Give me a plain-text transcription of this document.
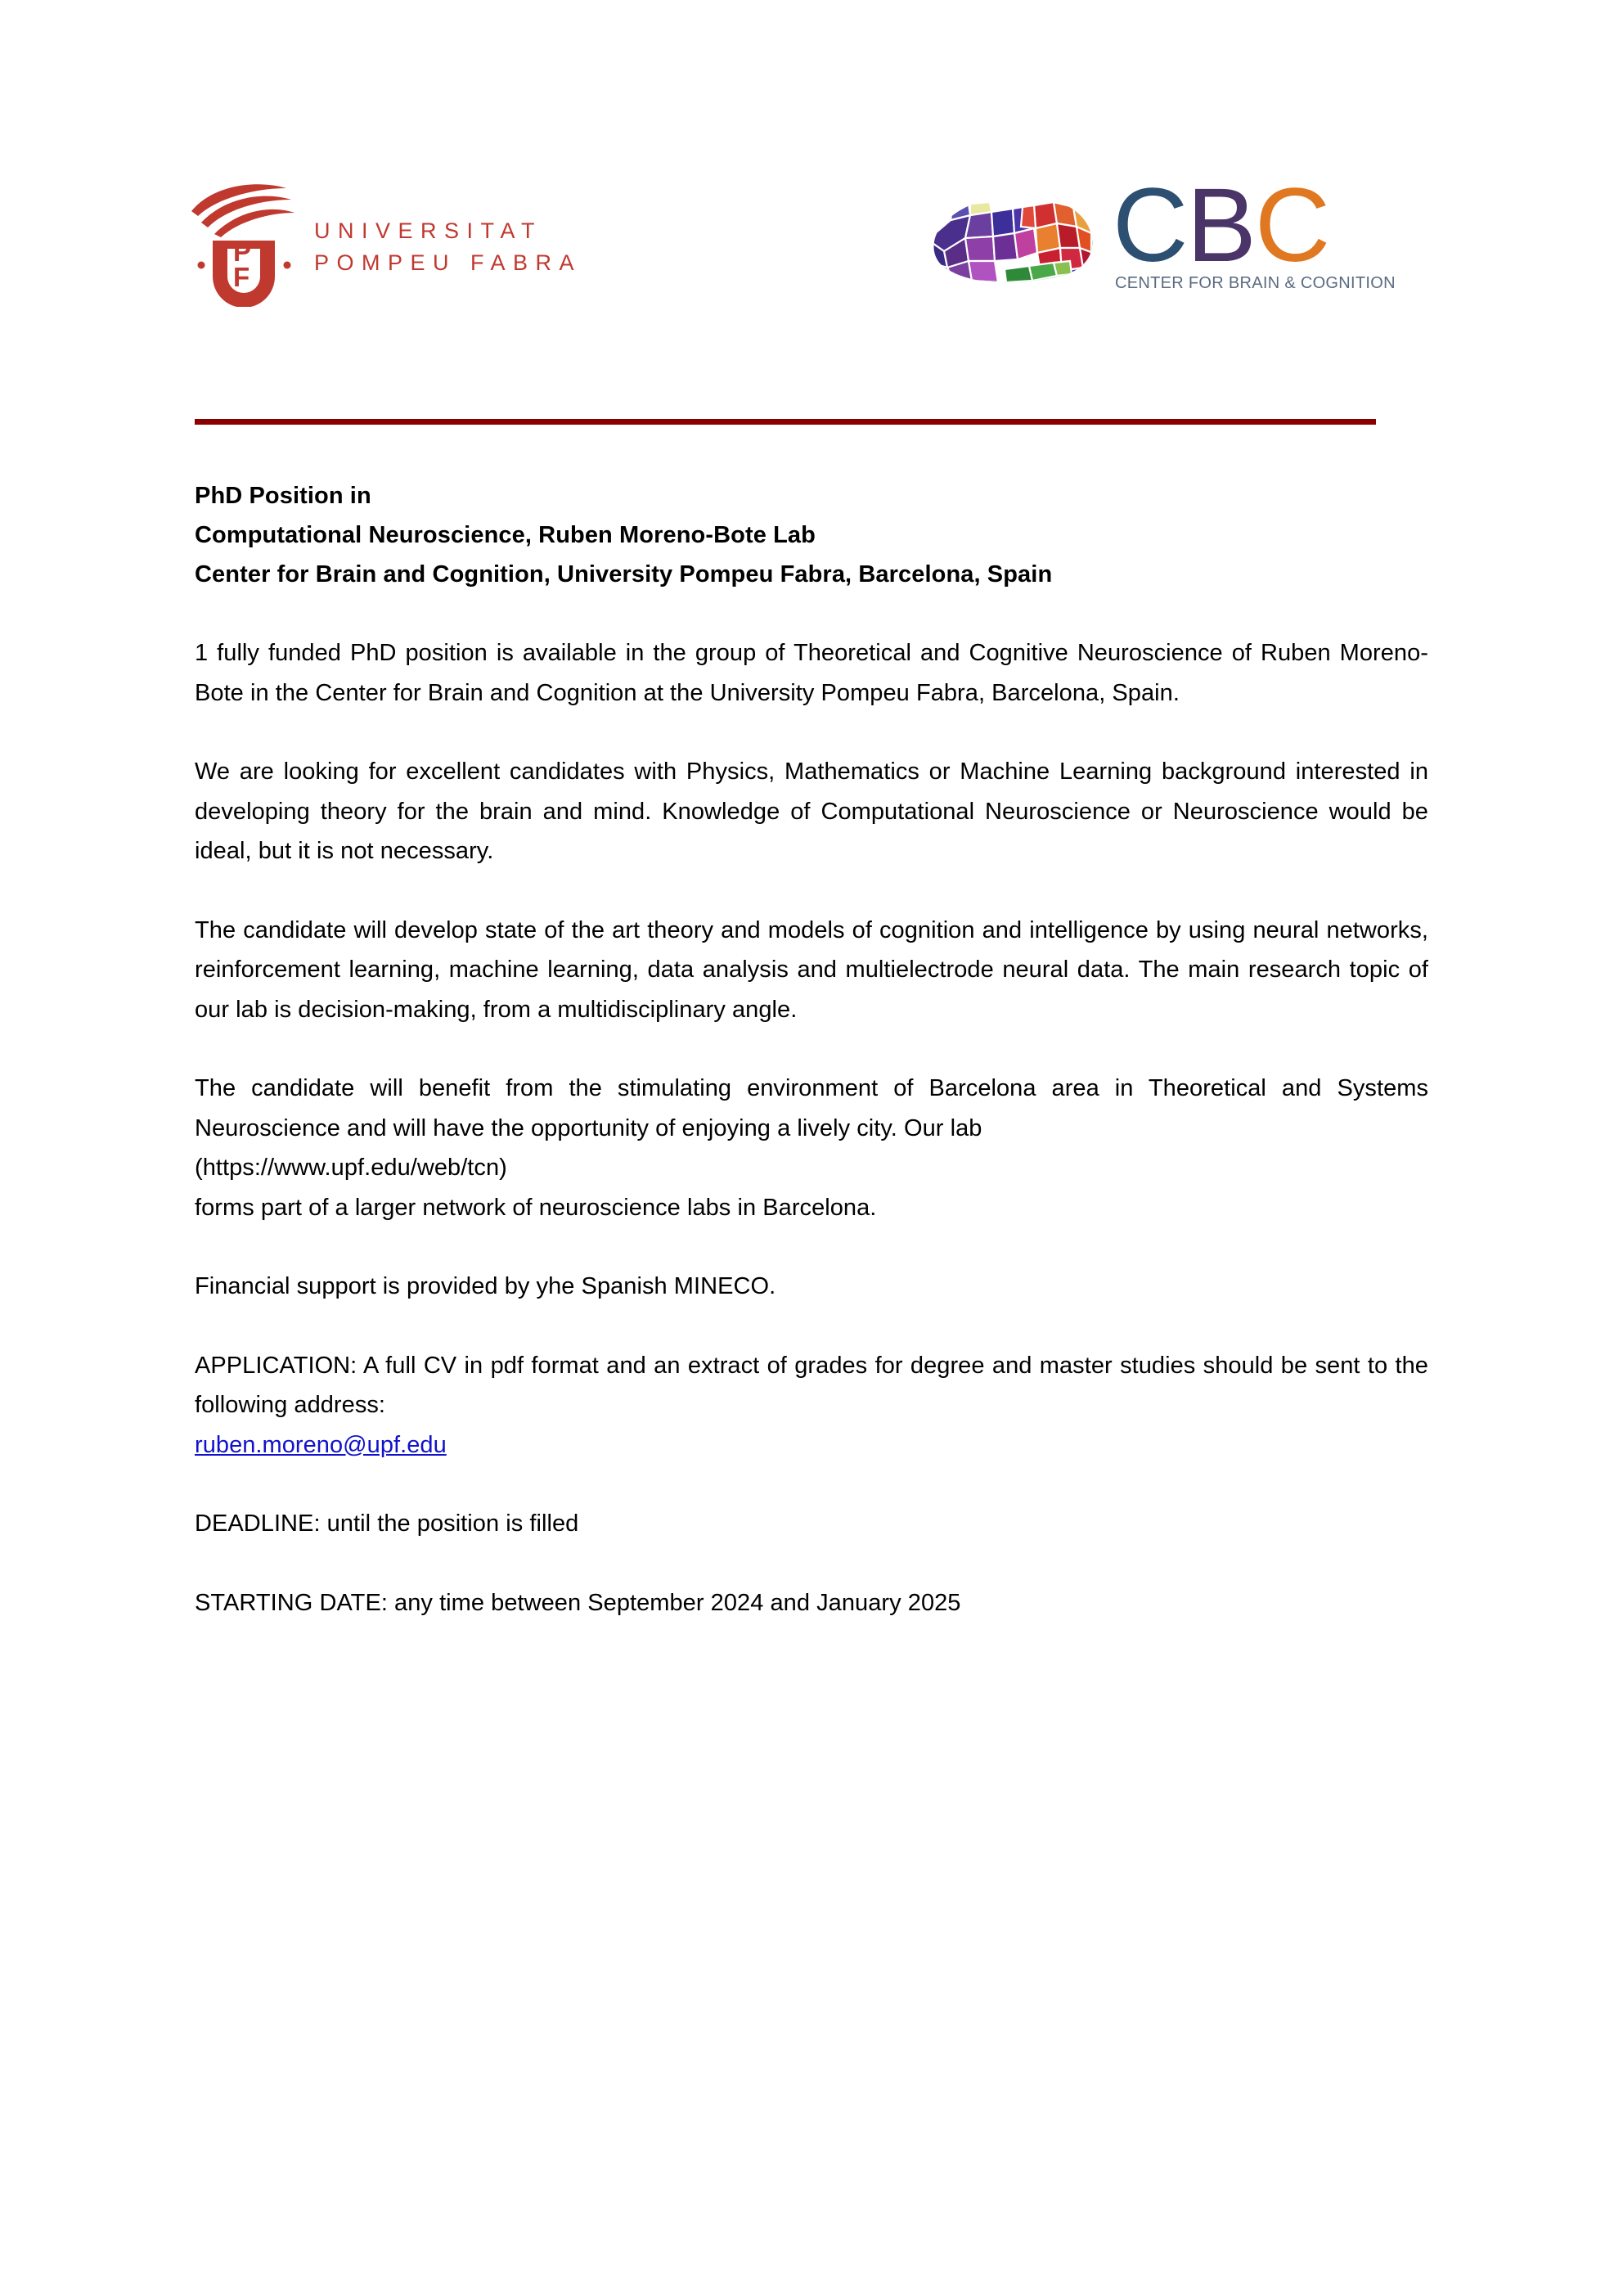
P
F
UNIVERSITAT
POMPEU FABRA	CBC
CENTER FOR BRAIN & COGNITION
PhD Position in
Computational Neuroscience, Ruben Moreno-Bote Lab
Center for Brain and Cognition, University Pompeu Fabra, Barcelona, Spain

1 fully funded PhD position is available in the group of Theoretical and Cognitive Neuroscience of Ruben Moreno-Bote in the Center for Brain and Cognition at the University Pompeu Fabra, Barcelona, Spain.

We are looking for excellent candidates with Physics, Mathematics or Machine Learning background interested in developing theory for the brain and mind. Knowledge of Computational Neuroscience or Neuroscience would be ideal, but it is not necessary.

The candidate will develop state of the art theory and models of cognition and intelligence by using neural networks, reinforcement learning, machine learning, data analysis and multielectrode neural data. The main research topic of our lab is decision-making, from a multidisciplinary angle.

The candidate will benefit from the stimulating environment of Barcelona area in Theoretical and Systems Neuroscience and will have the opportunity of enjoying a lively city. Our lab
(https://www.upf.edu/web/tcn)
forms part of a larger network of neuroscience labs in Barcelona.

Financial support is provided by yhe Spanish MINECO.

APPLICATION: A full CV in pdf format and an extract of grades for degree and master studies should be sent to the following address:
ruben.moreno@upf.edu

DEADLINE: until the position is filled

STARTING DATE: any time between September 2024 and January 2025
